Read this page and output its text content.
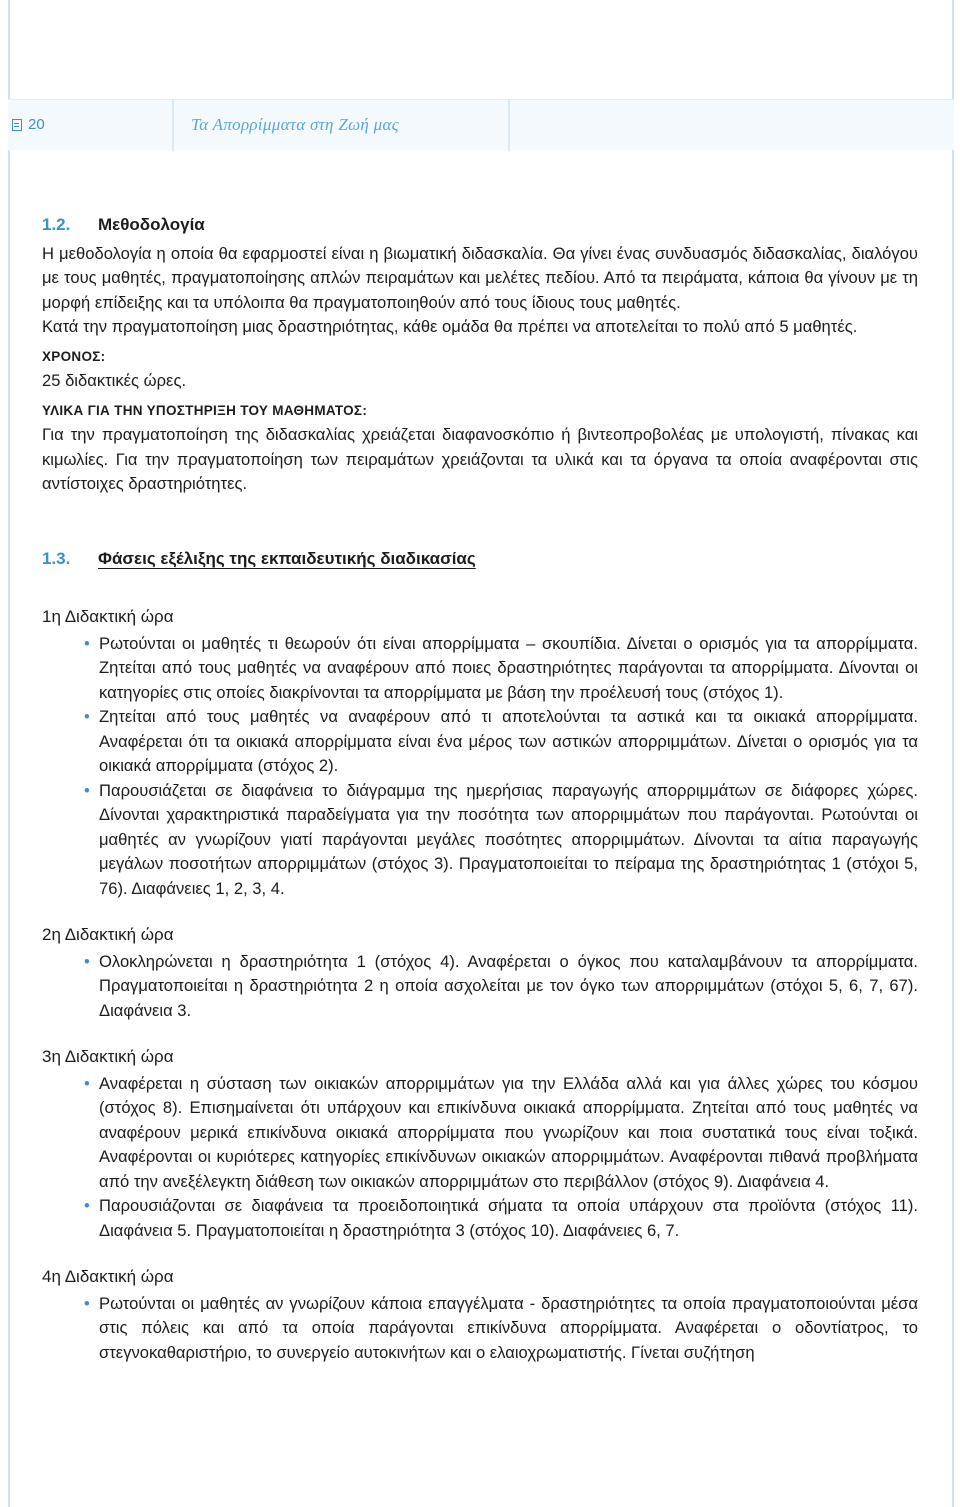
20	Τα Απορρίμματα στη Ζωή μας
1.2.	Μεθοδολογία

Η μεθοδολογία η οποία θα εφαρμοστεί είναι η βιωματική διδασκαλία. Θα γίνει ένας συνδυασμός διδασκαλίας, διαλόγου με τους μαθητές, πραγματοποίησης απλών πειραμάτων και μελέτες πεδίου. Από τα πειράματα, κάποια θα γίνουν με τη μορφή επίδειξης και τα υπόλοιπα θα πραγματοποιηθούν από τους ίδιους τους μαθητές.

Κατά την πραγματοποίηση μιας δραστηριότητας, κάθε ομάδα θα πρέπει να αποτελείται το πολύ από 5 μαθητές.

ΧΡΟΝΟΣ:

25 διδακτικές ώρες.

ΥΛΙΚΑ ΓΙΑ ΤΗΝ ΥΠΟΣΤΗΡΙΞΗ ΤΟΥ ΜΑΘΗΜΑΤΟΣ:

Για την πραγματοποίηση της διδασκαλίας χρειάζεται διαφανοσκόπιο ή βιντεοπροβολέας με υπολογιστή, πίνακας και κιμωλίες. Για την πραγματοποίηση των πειραμάτων χρειάζονται τα υλικά και τα όργανα τα οποία αναφέρονται στις αντίστοιχες δραστηριότητες.

1.3.	Φάσεις εξέλιξης της εκπαιδευτικής διαδικασίας
1η Διδακτική ώρα
• Ρωτούνται οι μαθητές τι θεωρούν ότι είναι απορρίμματα – σκουπίδια. Δίνεται ο ορισμός για τα απορρίμματα. Ζητείται από τους μαθητές να αναφέρουν από ποιες δραστηριότητες παράγονται τα απορρίμματα. Δίνονται οι κατηγορίες στις οποίες διακρίνονται τα απορρίμματα με βάση την προέλευσή τους (στόχος 1).
• Ζητείται από τους μαθητές να αναφέρουν από τι αποτελούνται τα αστικά και τα οικιακά απορρίμματα. Αναφέρεται ότι τα οικιακά απορρίμματα είναι ένα μέρος των αστικών απορριμμάτων. Δίνεται ο ορισμός για τα οικιακά απορρίμματα (στόχος 2).
• Παρουσιάζεται σε διαφάνεια το διάγραμμα της ημερήσιας παραγωγής απορριμμάτων σε διάφορες χώρες. Δίνονται χαρακτηριστικά παραδείγματα για την ποσότητα των απορριμμάτων που παράγονται. Ρωτούνται οι μαθητές αν γνωρίζουν γιατί παράγονται μεγάλες ποσότητες απορριμμάτων. Δίνονται τα αίτια παραγωγής μεγάλων ποσοτήτων απορριμμάτων (στόχος 3). Πραγματοποιείται το πείραμα της δραστηριότητας 1 (στόχοι 5, 76). Διαφάνειες 1, 2, 3, 4.
2η Διδακτική ώρα
• Ολοκληρώνεται η δραστηριότητα 1 (στόχος 4). Αναφέρεται ο όγκος που καταλαμβάνουν τα απορρίμματα. Πραγματοποιείται η δραστηριότητα 2 η οποία ασχολείται με τον όγκο των απορριμμάτων (στόχοι 5, 6, 7, 67). Διαφάνεια 3.
3η Διδακτική ώρα
• Αναφέρεται η σύσταση των οικιακών απορριμμάτων για την Ελλάδα αλλά και για άλλες χώρες του κόσμου (στόχος 8). Επισημαίνεται ότι υπάρχουν και επικίνδυνα οικιακά απορρίμματα. Ζητείται από τους μαθητές να αναφέρουν μερικά επικίνδυνα οικιακά απορρίμματα που γνωρίζουν και ποια συστατικά τους είναι τοξικά. Αναφέρονται οι κυριότερες κατηγορίες επικίνδυνων οικιακών απορριμμάτων. Αναφέρονται πιθανά προβλήματα από την ανεξέλεγκτη διάθεση των οικιακών απορριμμάτων στο περιβάλλον (στόχος 9). Διαφάνεια 4.
• Παρουσιάζονται σε διαφάνεια τα προειδοποιητικά σήματα τα οποία υπάρχουν στα προϊόντα (στόχος 11). Διαφάνεια 5. Πραγματοποιείται η δραστηριότητα 3 (στόχος 10). Διαφάνειες 6, 7.
4η Διδακτική ώρα
• Ρωτούνται οι μαθητές αν γνωρίζουν κάποια επαγγέλματα - δραστηριότητες τα οποία πραγματοποιούνται μέσα στις πόλεις και από τα οποία παράγονται επικίνδυνα απορρίμματα. Αναφέρεται ο οδοντίατρος, το στεγνοκαθαριστήριο, το συνεργείο αυτοκινήτων και ο ελαιοχρωματιστής. Γίνεται συζήτηση
